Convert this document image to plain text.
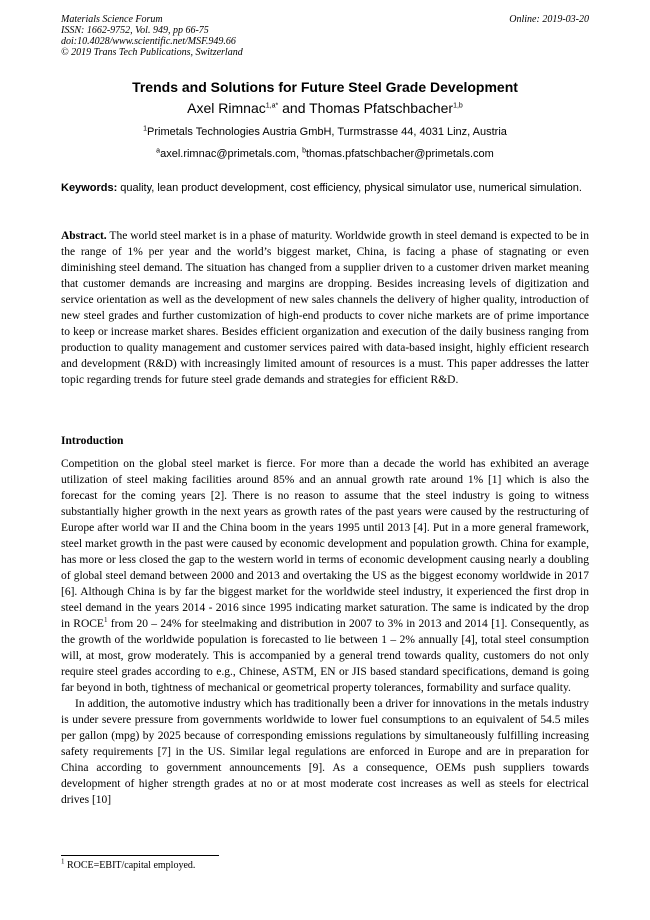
Materials Science Forum
ISSN: 1662-9752, Vol. 949, pp 66-75
doi:10.4028/www.scientific.net/MSF.949.66
© 2019 Trans Tech Publications, Switzerland
Online: 2019-03-20
Trends and Solutions for Future Steel Grade Development
Axel Rimnac$^{1,a*}$ and Thomas Pfatschbacher$^{1,b}$
$^1$Primetals Technologies Austria GmbH, Turmstrasse 44, 4031 Linz, Austria
$^a$axel.rimnac@primetals.com, $^b$thomas.pfatschbacher@primetals.com
Keywords: quality, lean product development, cost efficiency, physical simulator use, numerical simulation.
Abstract. The world steel market is in a phase of maturity. Worldwide growth in steel demand is expected to be in the range of 1% per year and the world’s biggest market, China, is facing a phase of stagnating or even diminishing steel demand. The situation has changed from a supplier driven to a customer driven market meaning that customer demands are increasing and margins are dropping. Besides increasing levels of digitization and service orientation as well as the development of new sales channels the delivery of higher quality, introduction of new steel grades and further customization of high-end products to cover niche markets are of prime importance to keep or increase market shares. Besides efficient organization and execution of the daily business ranging from production to quality management and customer services paired with data-based insight, highly efficient research and development (R&D) with increasingly limited amount of resources is a must. This paper addresses the latter topic regarding trends for future steel grade demands and strategies for efficient R&D.
Introduction

Competition on the global steel market is fierce. For more than a decade the world has exhibited an average utilization of steel making facilities around 85% and an annual growth rate around 1% [1] which is also the forecast for the coming years [2]. There is no reason to assume that the steel industry is going to witness substantially higher growth in the next years as growth rates of the past years were caused by the restructuring of Europe after world war II and the China boom in the years 1995 until 2013 [4]. Put in a more general framework, steel market growth in the past were caused by economic development and population growth. China for example, has more or less closed the gap to the western world in terms of economic development causing nearly a doubling of global steel demand between 2000 and 2013 and overtaking the US as the biggest economy worldwide in 2017 [6]. Although China is by far the biggest market for the worldwide steel industry, it experienced the first drop in steel demand in the years 2014 - 2016 since 1995 indicating market saturation. The same is indicated by the drop in ROCE$^1$ from 20 – 24% for steelmaking and distribution in 2007 to 3% in 2013 and 2014 [1]. Consequently, as the growth of the worldwide population is forecasted to lie between 1 – 2% annually [4], total steel consumption will, at most, grow moderately. This is accompanied by a general trend towards quality, customers do not only require steel grades according to e.g., Chinese, ASTM, EN or JIS based standard specifications, demand is going far beyond in both, tightness of mechanical or geometrical property tolerances, formability and surface quality.

In addition, the automotive industry which has traditionally been a driver for innovations in the metals industry is under severe pressure from governments worldwide to lower fuel consumptions to an equivalent of 54.5 miles per gallon (mpg) by 2025 because of corresponding emissions regulations by simultaneously fulfilling increasing safety requirements [7] in the US. Similar legal regulations are enforced in Europe and are in preparation for China according to government announcements [9]. As a consequence, OEMs push suppliers towards development of higher strength grades at no or at most moderate cost increases as well as steels for electrical drives [10]

$^1$ ROCE=EBIT/capital employed.
